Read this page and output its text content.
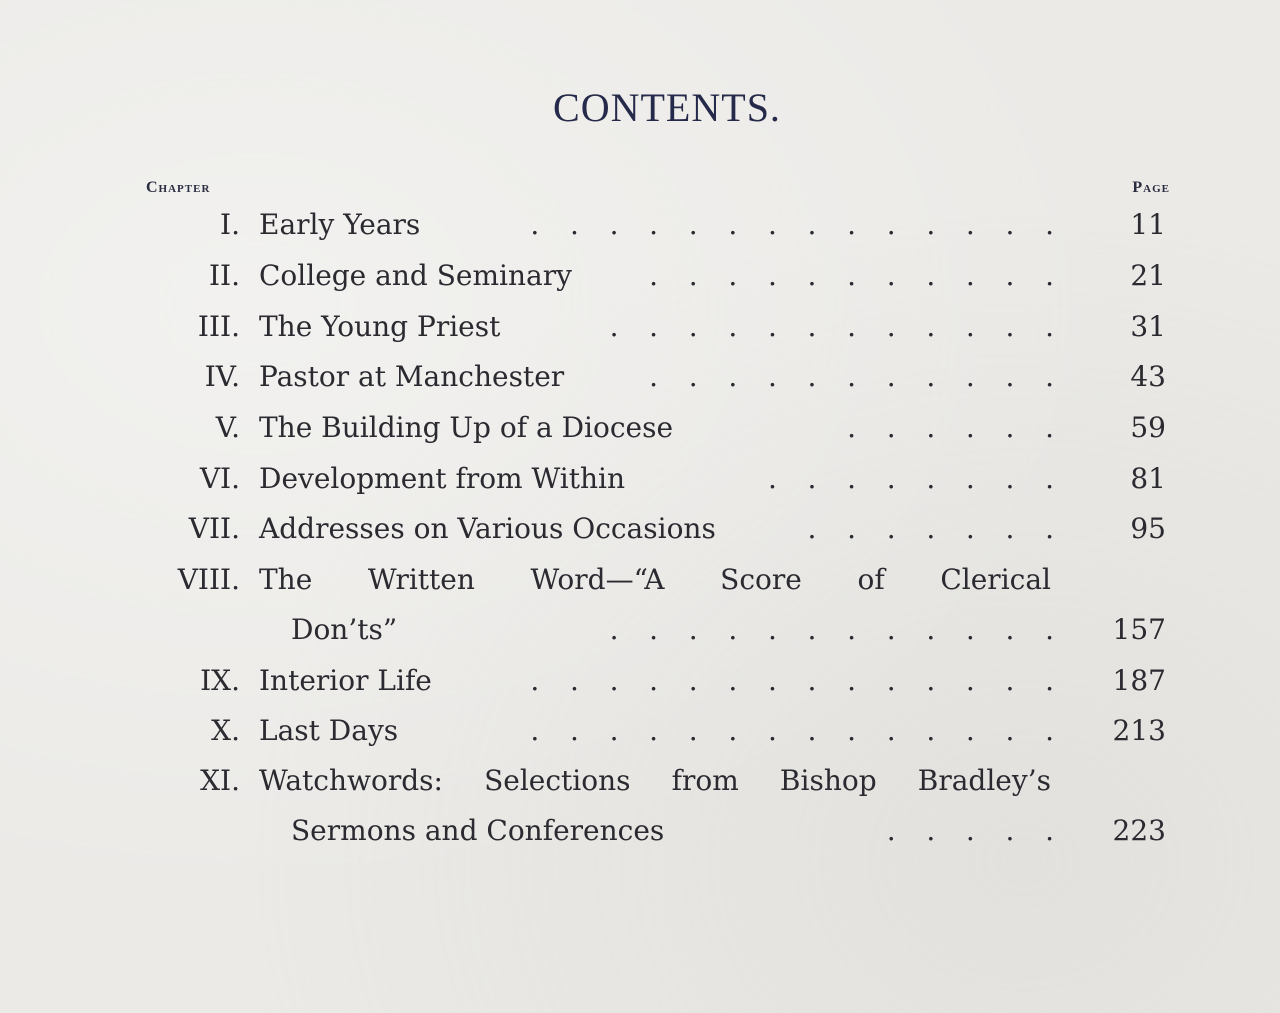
CONTENTS.
Chapter	Page
I. Early Years	. . . . . . . . . . . . . .	11
II. College and Seminary	. . . . . . . . . . .	21
III. The Young Priest	. . . . . . . . . . . .	31
IV. Pastor at Manchester	. . . . . . . . . . .	43
V. The Building Up of a Diocese	. . . . . .	59
VI. Development from Within	. . . . . . . .	81
VII. Addresses on Various Occasions	. . . . . . .	95
VIII. The Written Word—“A Score of Clerical
Don’ts”	. . . . . . . . . . . . 157
IX. Interior Life	. . . . . . . . . . . . . . 187
X. Last Days	. . . . . . . . . . . . . . 213
XI. Watchwords: Selections from Bishop Bradley’s
Sermons and Conferences	. . . . . 223
